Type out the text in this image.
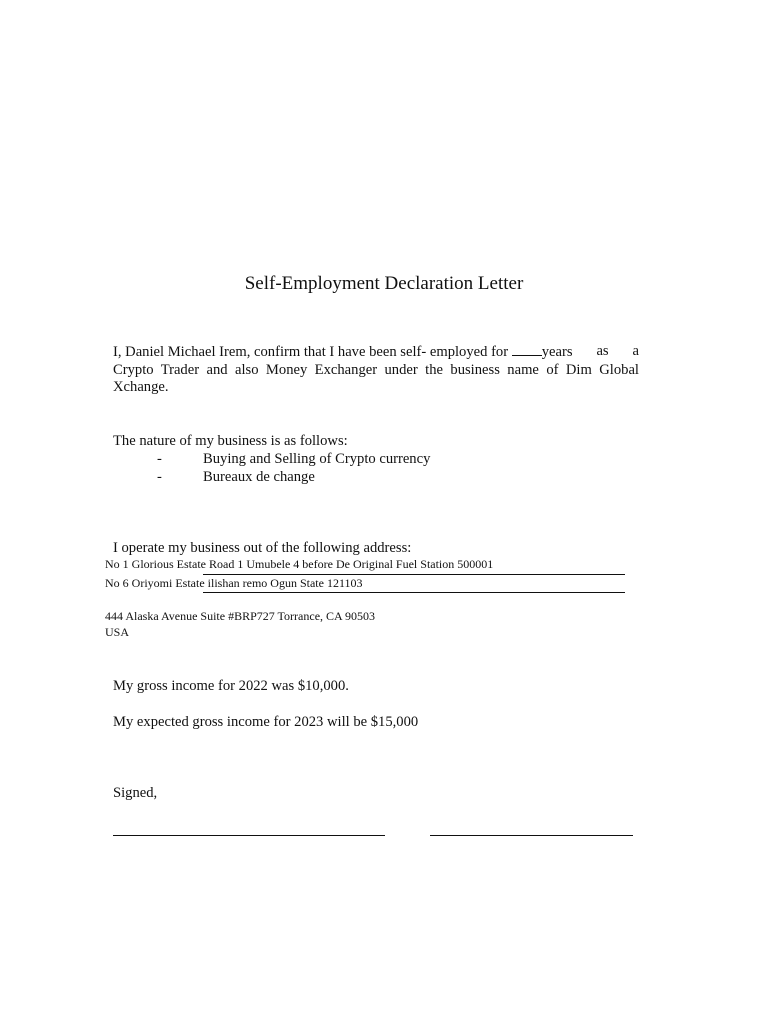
Self-Employment Declaration Letter
I, Daniel Michael Irem, confirm that I have been self- employed for years as a
Crypto Trader and also Money Exchanger under the business name of Dim Global Xchange.
The nature of my business is as follows:
-	Buying and Selling of Crypto currency
-	Bureaux de change
I operate my business out of the following address:
No 1 Glorious Estate Road 1 Umubele 4 before De Original Fuel Station 500001
No 6 Oriyomi Estate ilishan remo Ogun State 121103
444 Alaska Avenue Suite #BRP727 Torrance, CA 90503
USA
My gross income for 2022 was $10,000.
My expected gross income for 2023 will be $15,000
Signed,
